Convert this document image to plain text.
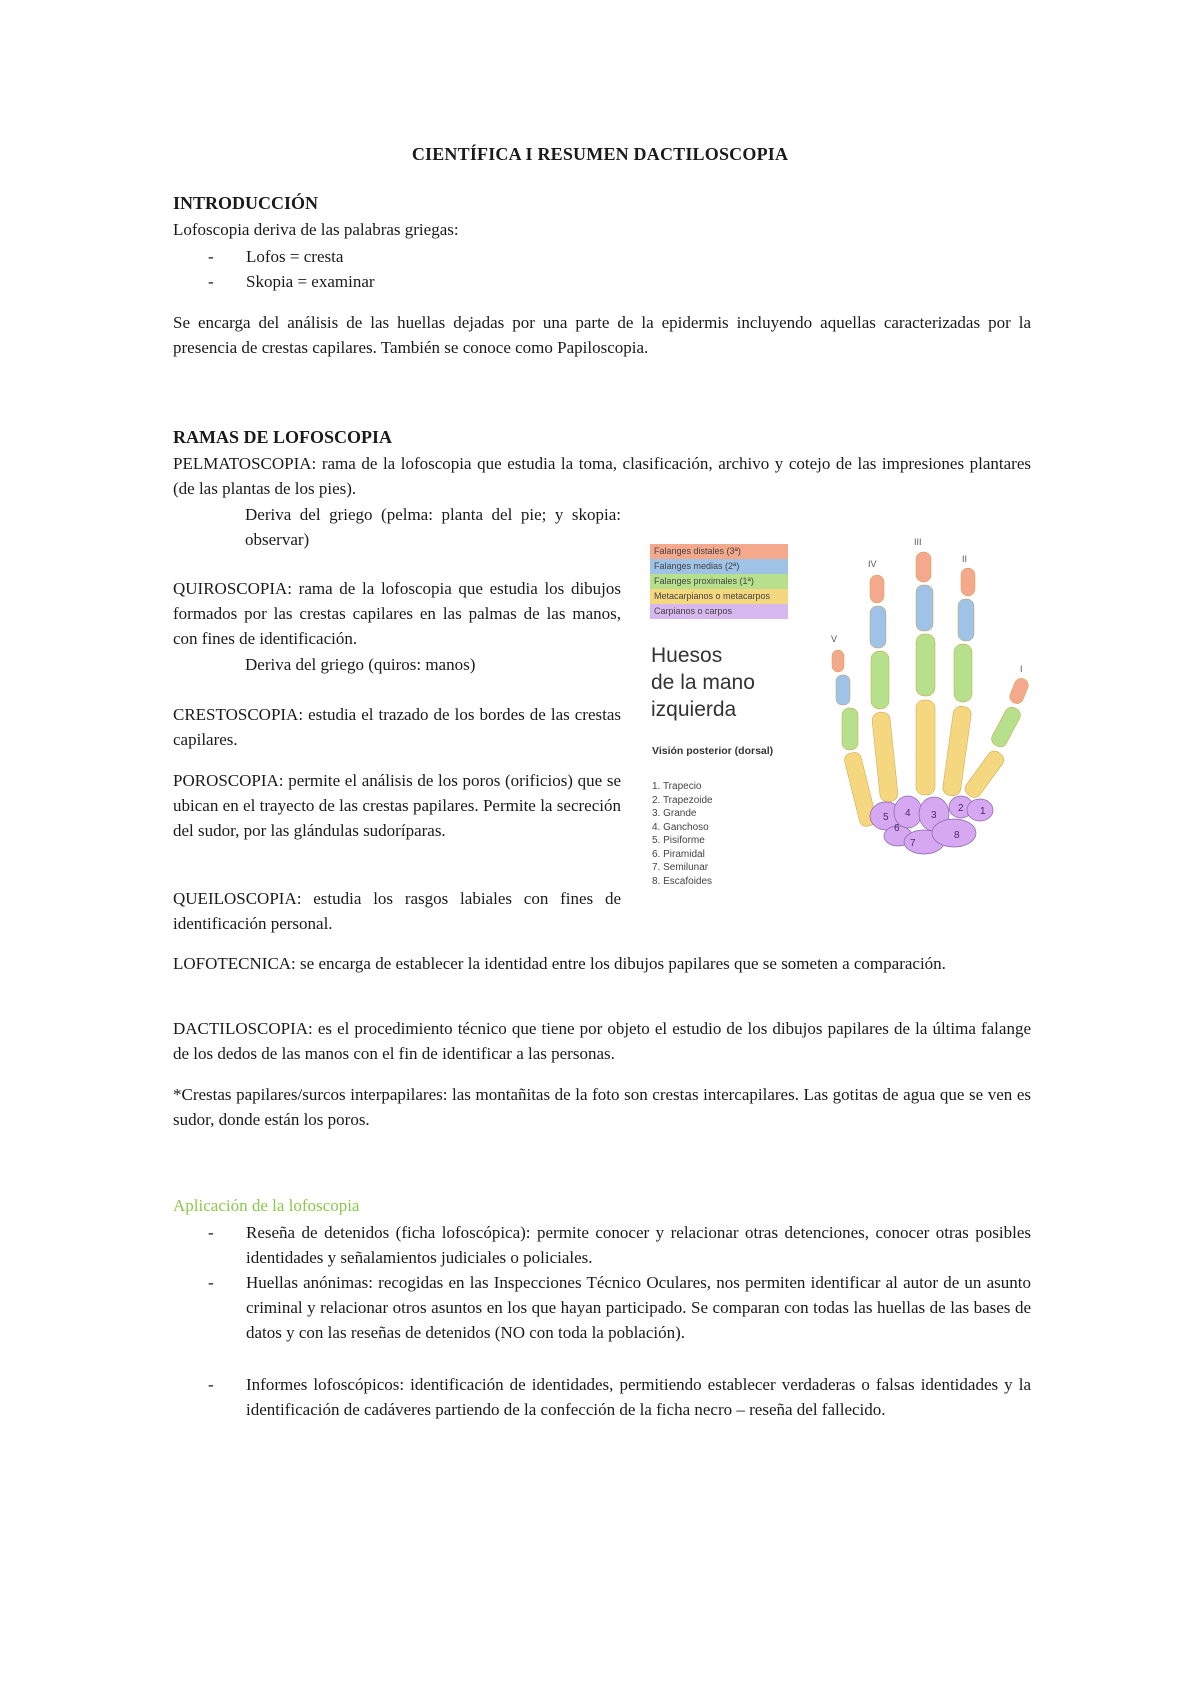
CIENTÍFICA I RESUMEN DACTILOSCOPIA
INTRODUCCIÓN
Lofoscopia deriva de las palabras griegas:
- Lofos = cresta
- Skopia = examinar
Se encarga del análisis de las huellas dejadas por una parte de la epidermis incluyendo aquellas caracterizadas por la presencia de crestas capilares. También se conoce como Papiloscopia.
RAMAS DE LOFOSCOPIA
PELMATOSCOPIA: rama de la lofoscopia que estudia la toma, clasificación, archivo y cotejo de las impresiones plantares (de las plantas de los pies).
Deriva del griego (pelma: planta del pie; y skopia: observar)
QUIROSCOPIA: rama de la lofoscopia que estudia los dibujos formados por las crestas capilares en las palmas de las manos, con fines de identificación.
Deriva del griego (quiros: manos)
CRESTOSCOPIA: estudia el trazado de los bordes de las crestas capilares.
POROSCOPIA: permite el análisis de los poros (orificios) que se ubican en el trayecto de las crestas papilares. Permite la secreción del sudor, por las glándulas sudoríparas.
QUEILOSCOPIA: estudia los rasgos labiales con fines de identificación personal.
LOFOTECNICA: se encarga de establecer la identidad entre los dibujos papilares que se someten a comparación.
DACTILOSCOPIA: es el procedimiento técnico que tiene por objeto el estudio de los dibujos papilares de la última falange de los dedos de las manos con el fin de identificar a las personas.
*Crestas papilares/surcos interpapilares: las montañitas de la foto son crestas intercapilares. Las gotitas de agua que se ven es sudor, donde están los poros.
Falanges distales (3ª)
Falanges medias (2ª)
Falanges proximales (1ª)
Metacarpianos o metacarpos
Carpianos o carpos
Huesos
de la mano
izquierda
Visión posterior (dorsal)
1. Trapecio
2. Trapezoide
3. Grande
4. Ganchoso
5. Pisiforme
6. Piramidal
7. Semilunar
8. Escafoides
V
IV
III
II
I
1
2
3
4
5
6
7
8
Aplicación de la lofoscopia
- Reseña de detenidos (ficha lofoscópica): permite conocer y relacionar otras detenciones, conocer otras posibles identidades y señalamientos judiciales o policiales.
- Huellas anónimas: recogidas en las Inspecciones Técnico Oculares, nos permiten identificar al autor de un asunto criminal y relacionar otros asuntos en los que hayan participado. Se comparan con todas las huellas de las bases de datos y con las reseñas de detenidos (NO con toda la población).
- Informes lofoscópicos: identificación de identidades, permitiendo establecer verdaderas o falsas identidades y la identificación de cadáveres partiendo de la confección de la ficha necro – reseña del fallecido.
